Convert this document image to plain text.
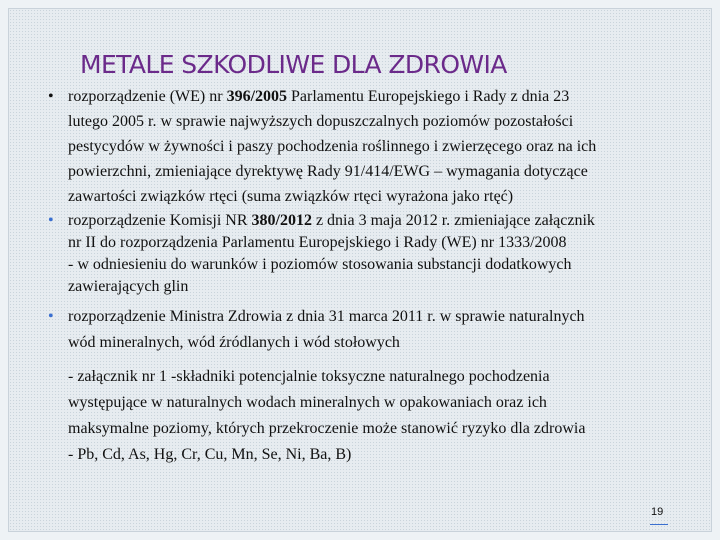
METALE SZKODLIWE DLA ZDROWIA
• rozporządzenie (WE) nr 396/2005 Parlamentu Europejskiego i Rady z dnia 23
lutego 2005 r. w sprawie najwyższych dopuszczalnych poziomów pozostałości
pestycydów w żywności i paszy pochodzenia roślinnego i zwierzęcego oraz na ich
powierzchni, zmieniające dyrektywę Rady 91/414/EWG – wymagania dotyczące
zawartości związków rtęci (suma związków rtęci wyrażona jako rtęć)
• rozporządzenie Komisji NR 380/2012 z dnia 3 maja 2012 r. zmieniające załącznik
nr II do rozporządzenia Parlamentu Europejskiego i Rady (WE) nr 1333/2008
- w odniesieniu do warunków i poziomów stosowania substancji dodatkowych
zawierających glin
• rozporządzenie Ministra Zdrowia z dnia 31 marca 2011 r. w sprawie naturalnych
wód mineralnych, wód źródlanych i wód stołowych
- załącznik nr 1 -składniki potencjalnie toksyczne naturalnego pochodzenia
występujące w naturalnych wodach mineralnych w opakowaniach oraz ich
maksymalne poziomy, których przekroczenie może stanowić ryzyko dla zdrowia
- Pb, Cd, As, Hg, Cr, Cu, Mn, Se, Ni, Ba, B)
19
